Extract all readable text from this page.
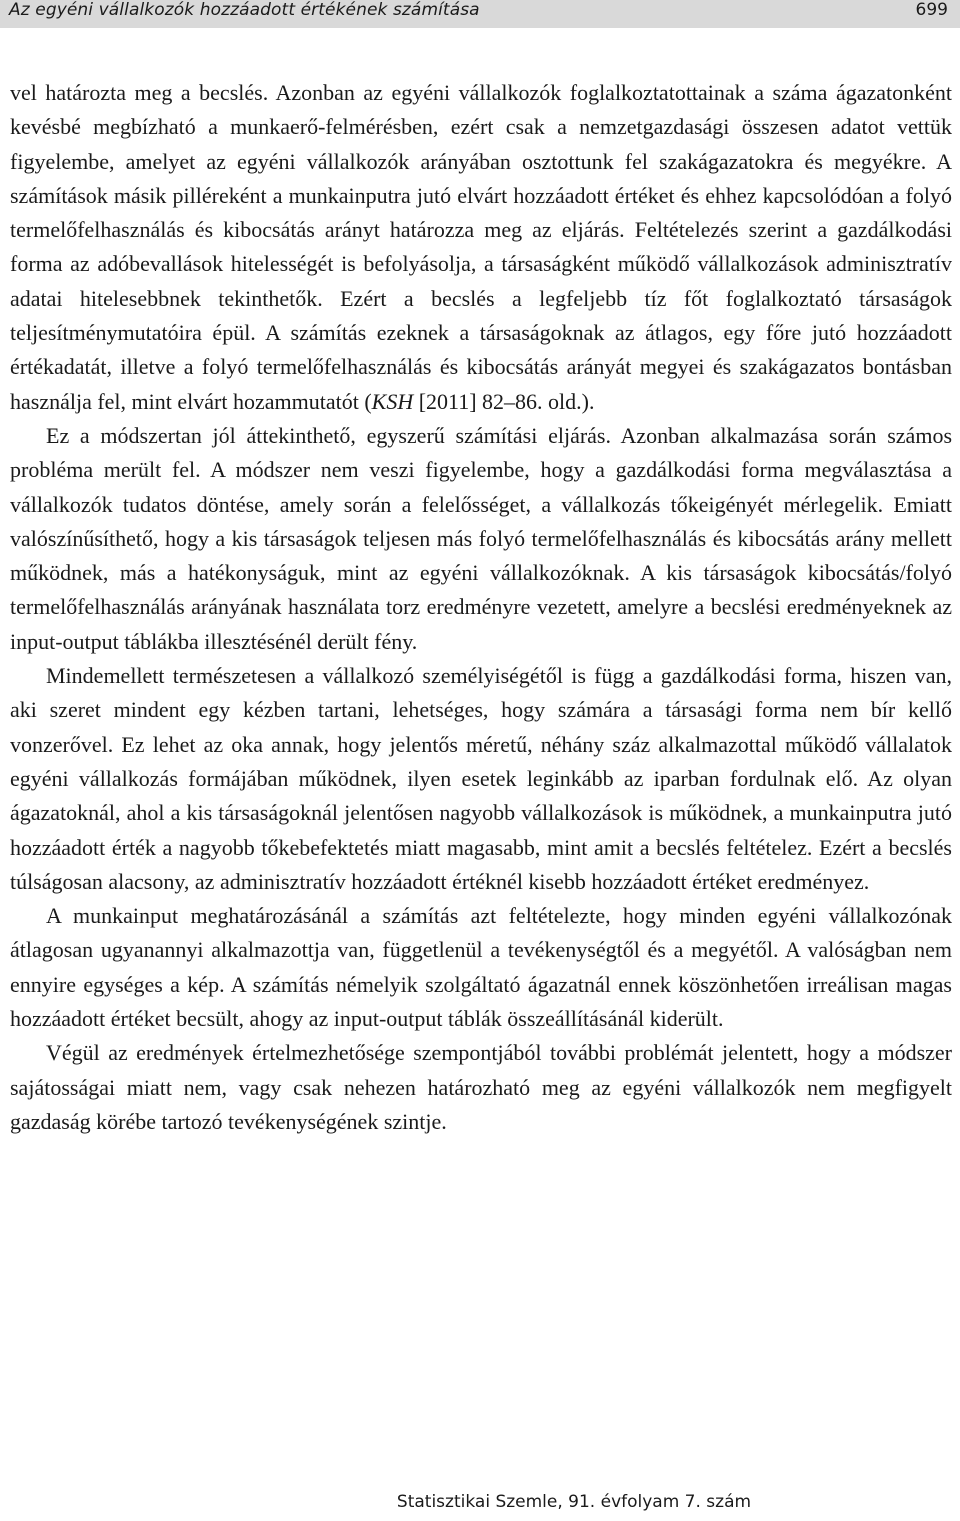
Az egyéni vállalkozók hozzáadott értékének számítása	699

vel határozta meg a becslés. Azonban az egyéni vállalkozók foglalkoztatottainak a száma ágazatonként kevésbé megbízható a munkaerő-felmérésben, ezért csak a nemzetgazdasági összesen adatot vettük figyelembe, amelyet az egyéni vállalkozók arányában osztottunk fel szakágazatokra és megyékre. A számítások másik pilléreként a munkainputra jutó elvárt hozzáadott értéket és ehhez kapcsolódóan a folyó termelőfelhasználás és kibocsátás arányt határozza meg az eljárás. Feltételezés szerint a gazdálkodási forma az adóbevallások hitelességét is befolyásolja, a társaságként működő vállalkozások adminisztratív adatai hitelesebbnek tekinthetők. Ezért a becslés a legfeljebb tíz főt foglalkoztató társaságok teljesítménymutatóira épül. A számítás ezeknek a társaságoknak az átlagos, egy főre jutó hozzáadott értékadatát, illetve a folyó termelőfelhasználás és kibocsátás arányát megyei és szakágazatos bontásban használja fel, mint elvárt hozammutatót (KSH [2011] 82–86. old.).

Ez a módszertan jól áttekinthető, egyszerű számítási eljárás. Azonban alkalmazása során számos probléma merült fel. A módszer nem veszi figyelembe, hogy a gazdálkodási forma megválasztása a vállalkozók tudatos döntése, amely során a felelősséget, a vállalkozás tőkeigényét mérlegelik. Emiatt valószínűsíthető, hogy a kis társaságok teljesen más folyó termelőfelhasználás és kibocsátás arány mellett működnek, más a hatékonyságuk, mint az egyéni vállalkozóknak. A kis társaságok kibocsátás/folyó termelőfelhasználás arányának használata torz eredményre vezetett, amelyre a becslési eredményeknek az input-output táblákba illesztésénél derült fény.

Mindemellett természetesen a vállalkozó személyiségétől is függ a gazdálkodási forma, hiszen van, aki szeret mindent egy kézben tartani, lehetséges, hogy számára a társasági forma nem bír kellő vonzerővel. Ez lehet az oka annak, hogy jelentős méretű, néhány száz alkalmazottal működő vállalatok egyéni vállalkozás formájában működnek, ilyen esetek leginkább az iparban fordulnak elő. Az olyan ágazatoknál, ahol a kis társaságoknál jelentősen nagyobb vállalkozások is működnek, a munkainputra jutó hozzáadott érték a nagyobb tőkebefektetés miatt magasabb, mint amit a becslés feltételez. Ezért a becslés túlságosan alacsony, az adminisztratív hozzáadott értéknél kisebb hozzáadott értéket eredményez.

A munkainput meghatározásánál a számítás azt feltételezte, hogy minden egyéni vállalkozónak átlagosan ugyanannyi alkalmazottja van, függetlenül a tevékenységtől és a megyétől. A valóságban nem ennyire egységes a kép. A számítás némelyik szolgáltató ágazatnál ennek köszönhetően irreálisan magas hozzáadott értéket becsült, ahogy az input-output táblák összeállításánál kiderült.

Végül az eredmények értelmezhetősége szempontjából további problémát jelentett, hogy a módszer sajátosságai miatt nem, vagy csak nehezen határozható meg az egyéni vállalkozók nem megfigyelt gazdaság körébe tartozó tevékenységének szintje.

Statisztikai Szemle, 91. évfolyam 7. szám
